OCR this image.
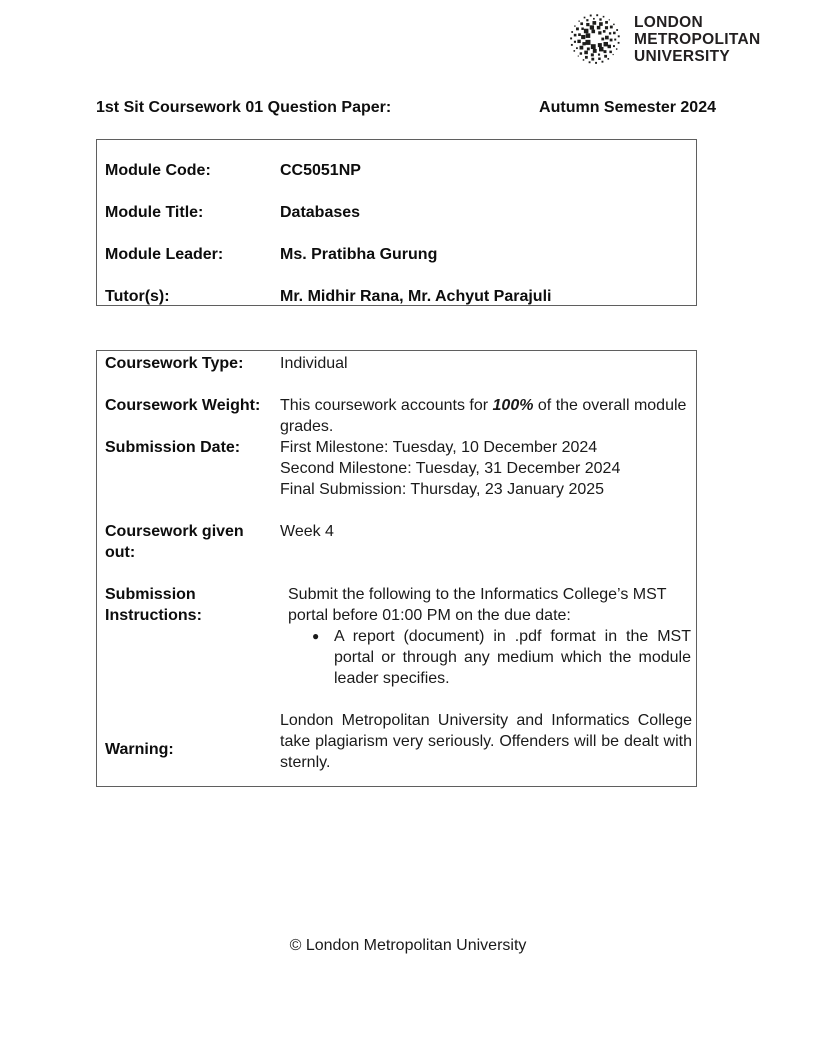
LONDON
METROPOLITAN
UNIVERSITY
1st Sit Coursework 01 Question Paper:	Autumn Semester 2024
Module Code:	CC5051NP
Module Title:	Databases
Module Leader:	Ms. Pratibha Gurung
Tutor(s):	Mr. Midhir Rana, Mr. Achyut Parajuli
Coursework Type:	Individual
Coursework Weight:	This coursework accounts for 100% of the overall module grades.
Submission Date:	First Milestone: Tuesday, 10 December 2024
Second Milestone: Tuesday, 31 December 2024
Final Submission: Thursday, 23 January 2025
Coursework given out:
Week 4
Submission Instructions:
Submit the following to the Informatics College’s MST portal before 01:00 PM on the due date:
● A report (document) in .pdf format in the MST portal or through any medium which the module leader specifies.
Warning:
London Metropolitan University and Informatics College take plagiarism very seriously. Offenders will be dealt with sternly.
© London Metropolitan University
